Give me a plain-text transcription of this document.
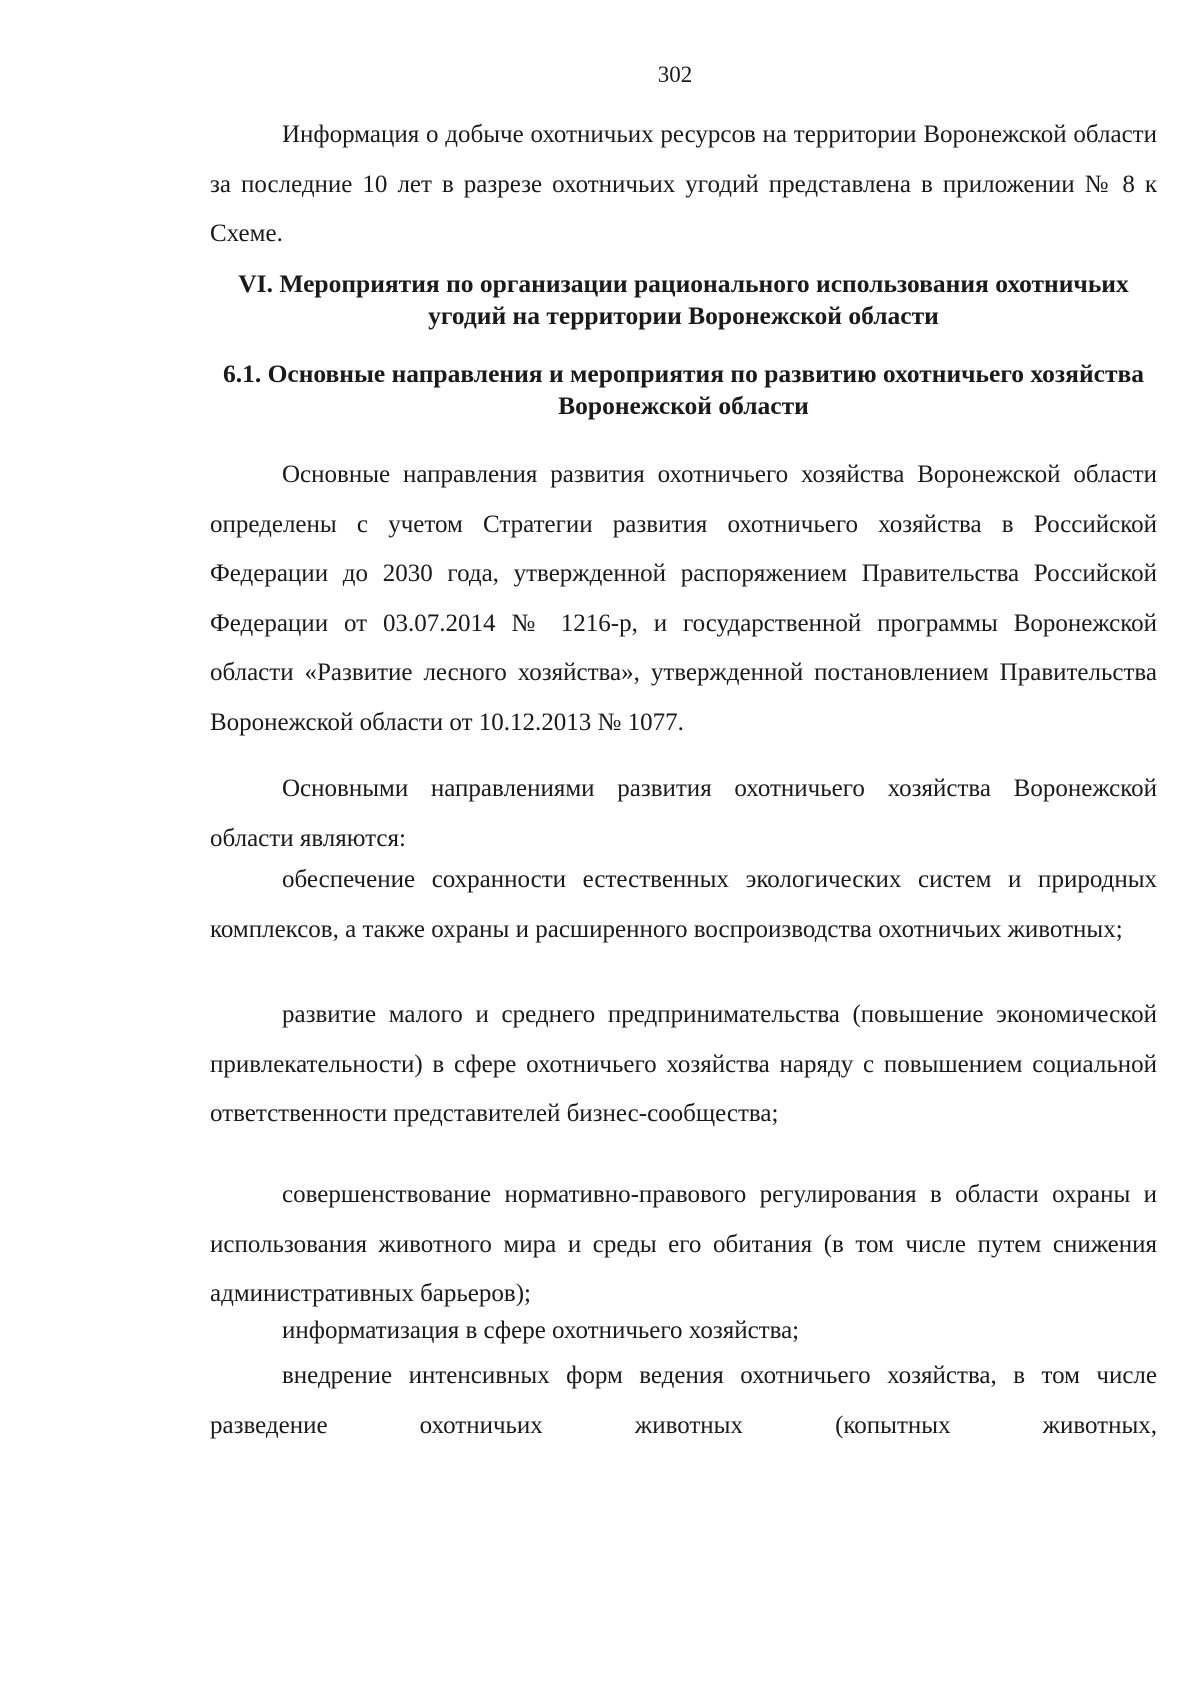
302

Информация о добыче охотничьих ресурсов на территории Воронежской области за последние 10 лет в разрезе охотничьих угодий представлена в приложении № 8 к Схеме.

VI. Мероприятия по организации рационального использования охотничьих угодий на территории Воронежской области

6.1. Основные направления и мероприятия по развитию охотничьего хозяйства Воронежской области

Основные направления развития охотничьего хозяйства Воронежской области определены с учетом Стратегии развития охотничьего хозяйства в Российской Федерации до 2030 года, утвержденной распоряжением Правительства Российской Федерации от 03.07.2014 № 1216-р, и государственной программы Воронежской области «Развитие лесного хозяйства», утвержденной постановлением Правительства Воронежской области от 10.12.2013 № 1077.

Основными направлениями развития охотничьего хозяйства Воронежской области являются:

обеспечение сохранности естественных экологических систем и природных комплексов, а также охраны и расширенного воспроизводства охотничьих животных;

развитие малого и среднего предпринимательства (повышение экономической привлекательности) в сфере охотничьего хозяйства наряду с повышением социальной ответственности представителей бизнес-сообщества;

совершенствование нормативно-правового регулирования в области охраны и использования животного мира и среды его обитания (в том числе путем снижения административных барьеров);

информатизация в сфере охотничьего хозяйства;

внедрение интенсивных форм ведения охотничьего хозяйства, в том числе разведение охотничьих животных (копытных животных,
